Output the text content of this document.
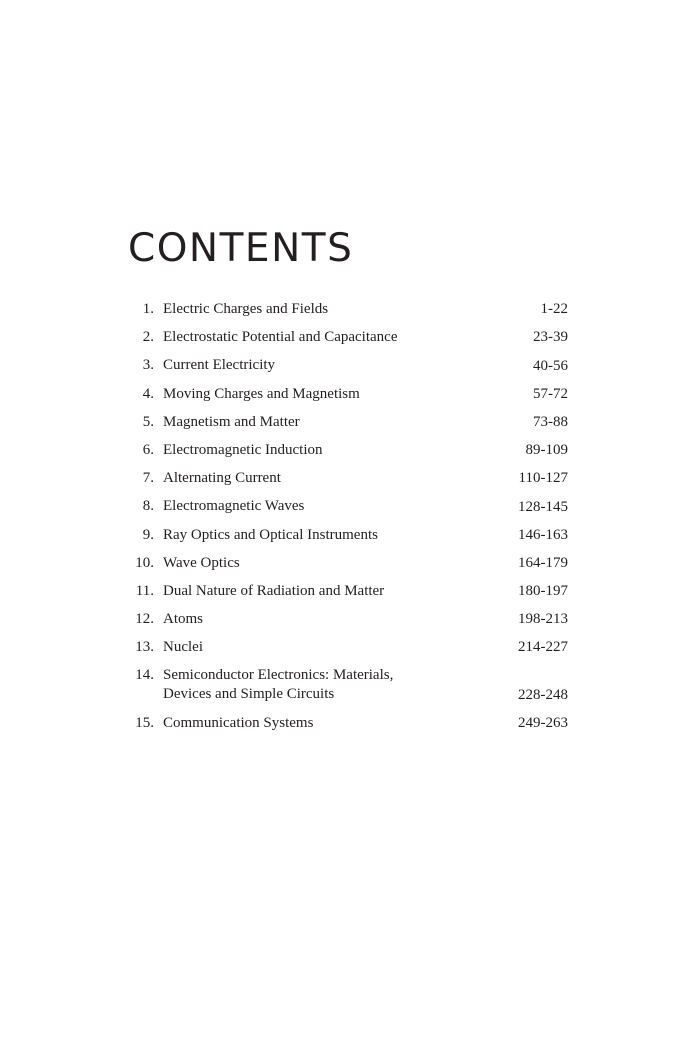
CONTENTS
1. Electric Charges and Fields	1-22
2. Electrostatic Potential and Capacitance	23-39
3. Current Electricity	40-56
4. Moving Charges and Magnetism	57-72
5. Magnetism and Matter	73-88
6. Electromagnetic Induction	89-109
7. Alternating Current	110-127
8. Electromagnetic Waves	128-145
9. Ray Optics and Optical Instruments	146-163
10. Wave Optics	164-179
11. Dual Nature of Radiation and Matter	180-197
12. Atoms	198-213
13. Nuclei	214-227
14. Semiconductor Electronics: Materials,
Devices and Simple Circuits	228-248
15. Communication Systems	249-263
